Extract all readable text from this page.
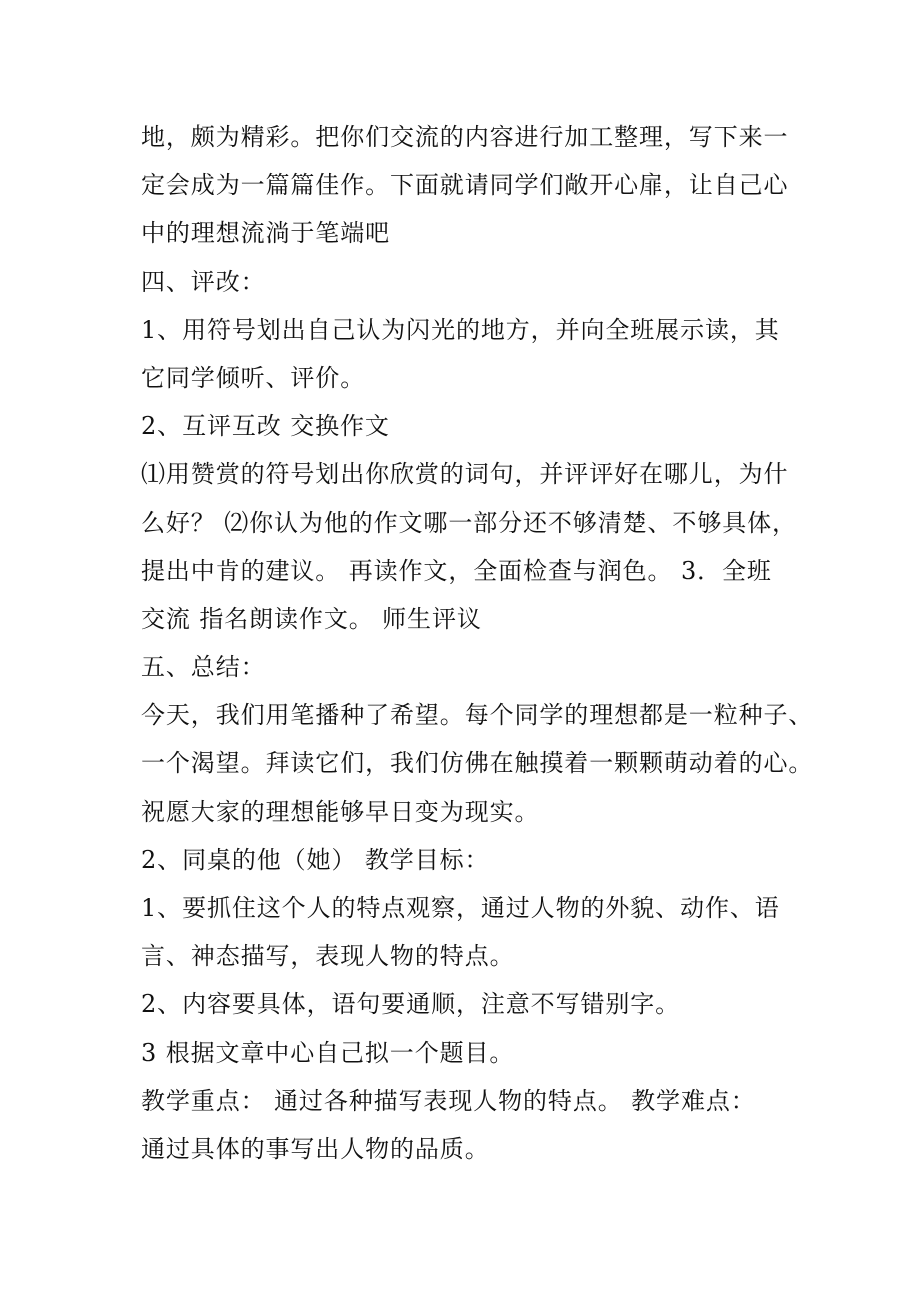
地，颇为精彩。把你们交流的内容进行加工整理，写下来一
定会成为一篇篇佳作。下面就请同学们敞开心扉，让自己心
中的理想流淌于笔端吧
四、评改：
1、用符号划出自己认为闪光的地方，并向全班展示读，其
它同学倾听、评价。
2、互评互改 交换作文
⑴用赞赏的符号划出你欣赏的词句，并评评好在哪儿，为什
么好？ ⑵你认为他的作文哪一部分还不够清楚、不够具体，
提出中肯的建议。 再读作文，全面检查与润色。 3．全班
交流 指名朗读作文。 师生评议
五、总结：
今天，我们用笔播种了希望。每个同学的理想都是一粒种子、
一个渴望。拜读它们，我们仿佛在触摸着一颗颗萌动着的心。
祝愿大家的理想能够早日变为现实。
2、同桌的他（她） 教学目标：
1、要抓住这个人的特点观察，通过人物的外貌、动作、语
言、神态描写，表现人物的特点。
2、内容要具体，语句要通顺，注意不写错别字。
3 根据文章中心自己拟一个题目。
教学重点： 通过各种描写表现人物的特点。 教学难点：
通过具体的事写出人物的品质。
